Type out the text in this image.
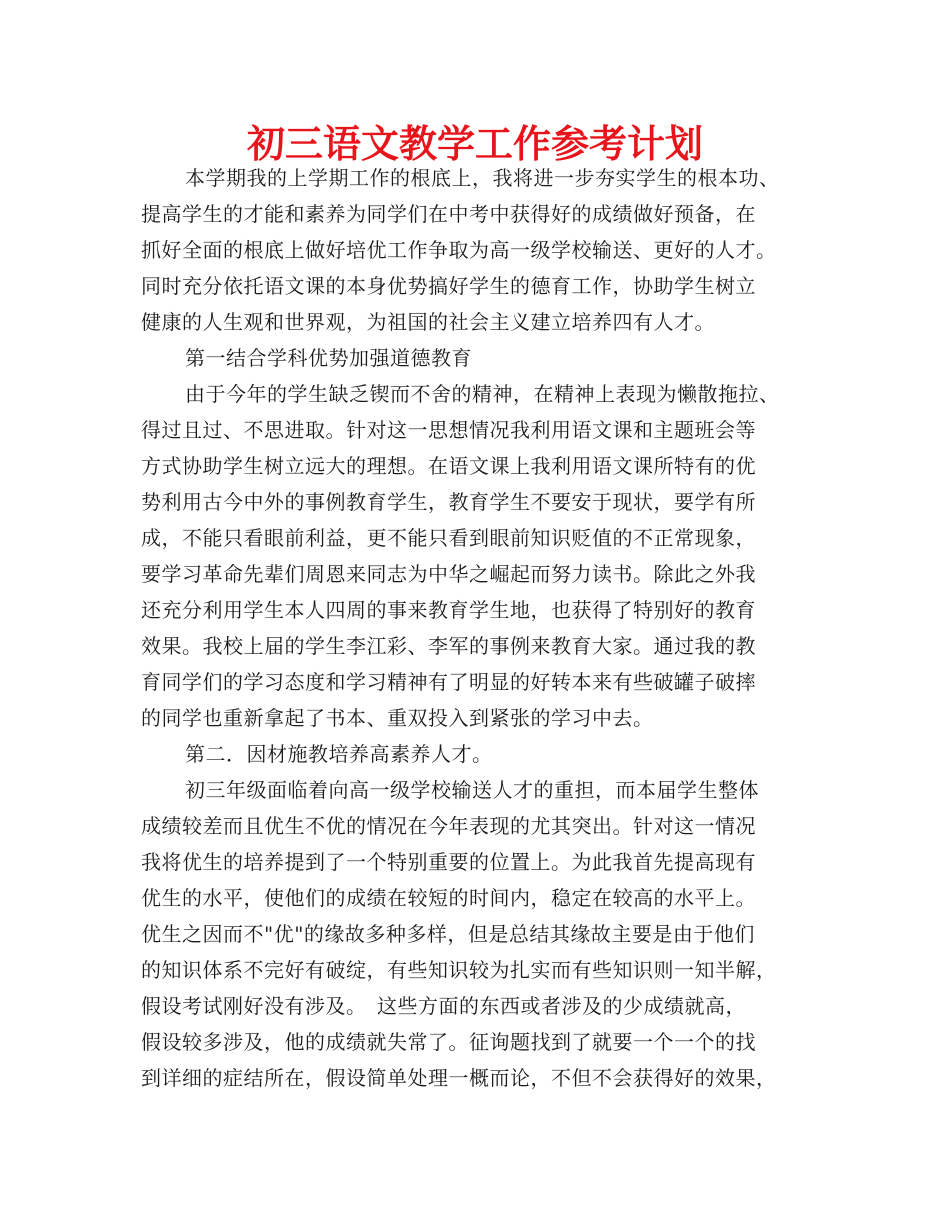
初三语文教学工作参考计划
本学期我的上学期工作的根底上，我将进一步夯实学生的根本功、
提高学生的才能和素养为同学们在中考中获得好的成绩做好预备，在
抓好全面的根底上做好培优工作争取为高一级学校输送、更好的人才。
同时充分依托语文课的本身优势搞好学生的德育工作，协助学生树立
健康的人生观和世界观，为祖国的社会主义建立培养四有人才。
第一结合学科优势加强道德教育
由于今年的学生缺乏锲而不舍的精神，在精神上表现为懒散拖拉、
得过且过、不思进取。针对这一思想情况我利用语文课和主题班会等
方式协助学生树立远大的理想。在语文课上我利用语文课所特有的优
势利用古今中外的事例教育学生，教育学生不要安于现状，要学有所
成，不能只看眼前利益，更不能只看到眼前知识贬值的不正常现象，
要学习革命先辈们周恩来同志为中华之崛起而努力读书。除此之外我
还充分利用学生本人四周的事来教育学生地，也获得了特别好的教育
效果。我校上届的学生李江彩、李军的事例来教育大家。通过我的教
育同学们的学习态度和学习精神有了明显的好转本来有些破罐子破摔
的同学也重新拿起了书本、重双投入到紧张的学习中去。
第二．因材施教培养高素养人才。
初三年级面临着向高一级学校输送人才的重担，而本届学生整体
成绩较差而且优生不优的情况在今年表现的尤其突出。针对这一情况
我将优生的培养提到了一个特别重要的位置上。为此我首先提高现有
优生的水平，使他们的成绩在较短的时间内，稳定在较高的水平上。
优生之因而不"优"的缘故多种多样，但是总结其缘故主要是由于他们
的知识体系不完好有破绽，有些知识较为扎实而有些知识则一知半解，
假设考试刚好没有涉及。　这些方面的东西或者涉及的少成绩就高，
假设较多涉及，他的成绩就失常了。征询题找到了就要一个一个的找
到详细的症结所在，假设简单处理一概而论，不但不会获得好的效果，
